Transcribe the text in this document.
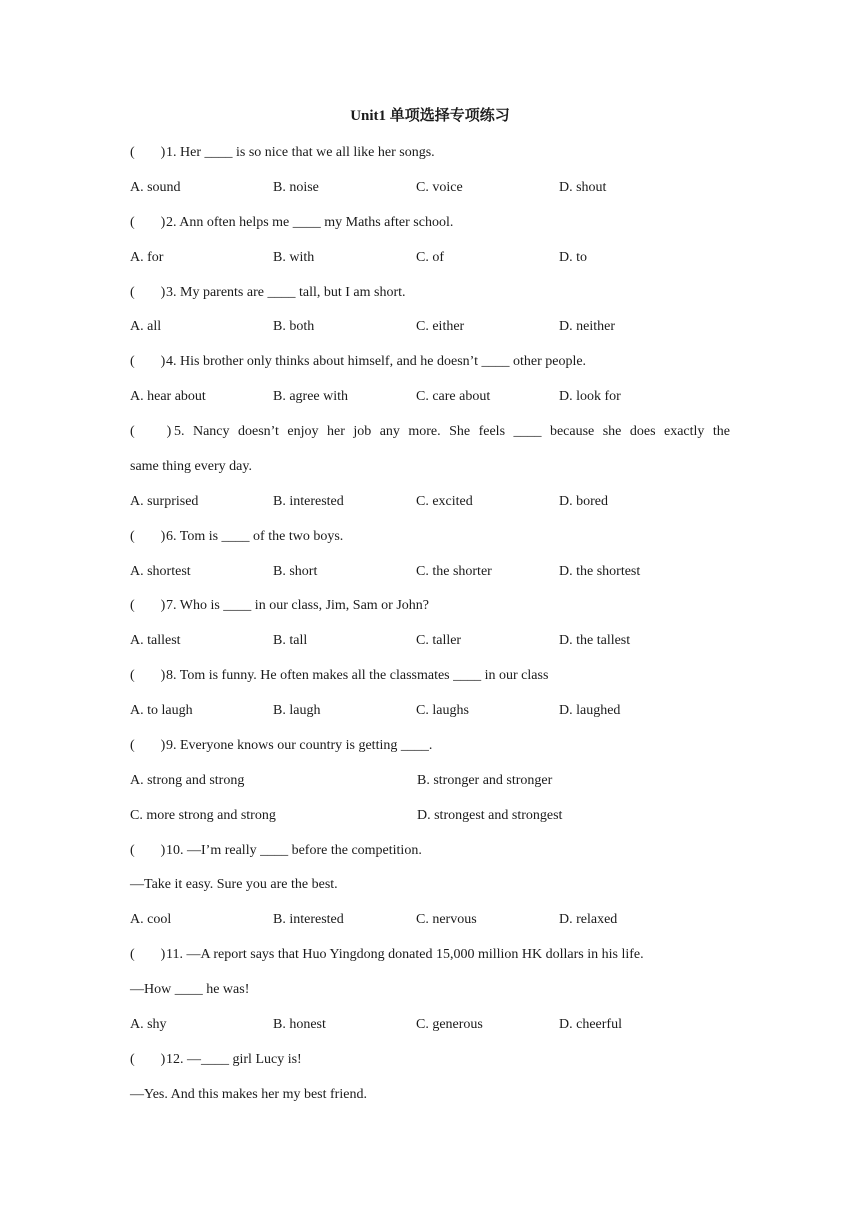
Unit1 单项选择专项练习
( ) 1. Her ____ is so nice that we all like her songs.
A. sound	B. noise	C. voice	D. shout
( ) 2. Ann often helps me ____ my Maths after school.
A. for	B. with	C. of	D. to
( ) 3. My parents are ____ tall, but I am short.
A. all	B. both	C. either	D. neither
( ) 4. His brother only thinks about himself, and he doesn’t ____ other people.
A. hear about	B. agree with	C. care about	D. look for
( ) 5. Nancy doesn’t enjoy her job any more. She feels ____ because she does exactly the
same thing every day.
A. surprised	B. interested	C. excited	D. bored
( ) 6. Tom is ____ of the two boys.
A. shortest	B. short	C. the shorter	D. the shortest
( ) 7. Who is ____ in our class, Jim, Sam or John?
A. tallest	B. tall	C. taller	D. the tallest
( ) 8. Tom is funny. He often makes all the classmates ____ in our class
A. to laugh	B. laugh	C. laughs	D. laughed
( ) 9. Everyone knows our country is getting ____.
A. strong and strong	B. stronger and stronger
C. more strong and strong	D. strongest and strongest
( ) 10. —I’m really ____ before the competition.
—Take it easy. Sure you are the best.
A. cool	B. interested	C. nervous	D. relaxed
( ) 11. —A report says that Huo Yingdong donated 15,000 million HK dollars in his life.
—How ____ he was!
A. shy	B. honest	C. generous	D. cheerful
( ) 12. —____ girl Lucy is!
—Yes. And this makes her my best friend.
